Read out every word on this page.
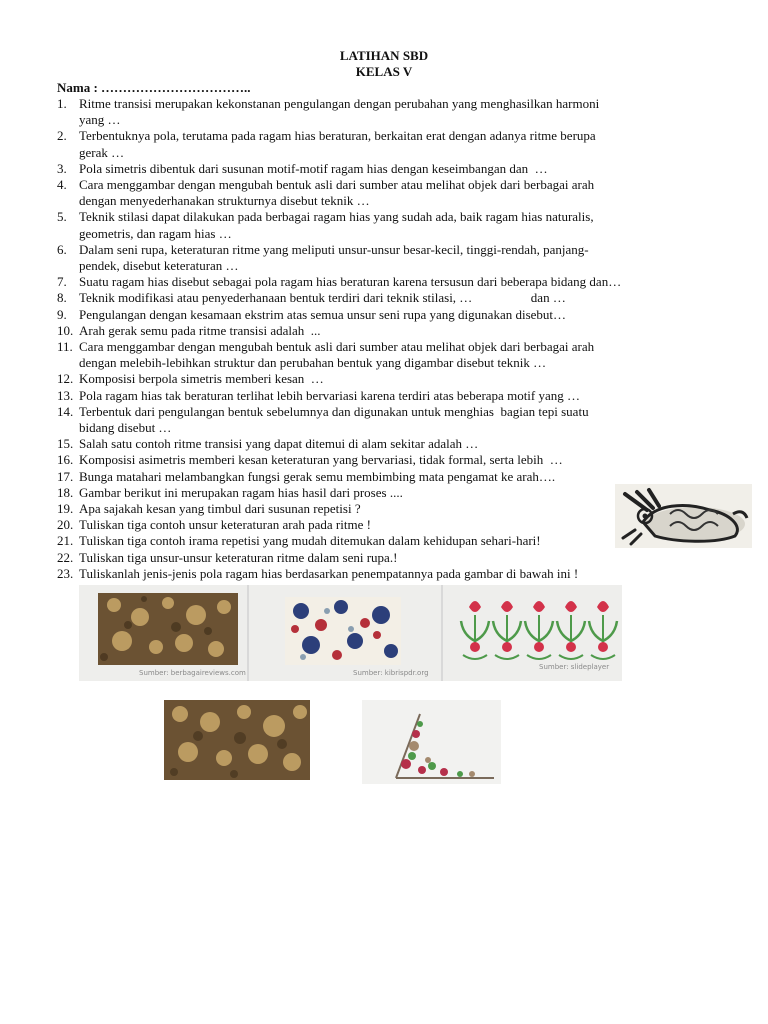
LATIHAN SBD
KELAS V
Nama : ……………………………..
1. Ritme transisi merupakan kekonstanan pengulangan dengan perubahan yang menghasilkan harmoni
yang …
2. Terbentuknya pola, terutama pada ragam hias beraturan, berkaitan erat dengan adanya ritme berupa
gerak …
3. Pola simetris dibentuk dari susunan motif-motif ragam hias dengan keseimbangan dan  …
4. Cara menggambar dengan mengubah bentuk asli dari sumber atau melihat objek dari berbagai arah
dengan menyederhanakan strukturnya disebut teknik …
5. Teknik stilasi dapat dilakukan pada berbagai ragam hias yang sudah ada, baik ragam hias naturalis,
geometris, dan ragam hias …
6. Dalam seni rupa, keteraturan ritme yang meliputi unsur-unsur besar-kecil, tinggi-rendah, panjang-
pendek, disebut keteraturan …
7. Suatu ragam hias disebut sebagai pola ragam hias beraturan karena tersusun dari beberapa bidang dan…
8. Teknik modifikasi atau penyederhanaan bentuk terdiri dari teknik stilasi, …                  dan …
9. Pengulangan dengan kesamaan ekstrim atas semua unsur seni rupa yang digunakan disebut…
10. Arah gerak semu pada ritme transisi adalah  ...
11. Cara menggambar dengan mengubah bentuk asli dari sumber atau melihat objek dari berbagai arah
dengan melebih-lebihkan struktur dan perubahan bentuk yang digambar disebut teknik …
12. Komposisi berpola simetris memberi kesan  …
13. Pola ragam hias tak beraturan terlihat lebih bervariasi karena terdiri atas beberapa motif yang …
14. Terbentuk dari pengulangan bentuk sebelumnya dan digunakan untuk menghias  bagian tepi suatu
bidang disebut …
15. Salah satu contoh ritme transisi yang dapat ditemui di alam sekitar adalah …
16. Komposisi asimetris memberi kesan keteraturan yang bervariasi, tidak formal, serta lebih  …
17. Bunga matahari melambangkan fungsi gerak semu membimbing mata pengamat ke arah….
18. Gambar berikut ini merupakan ragam hias hasil dari proses ....
19. Apa sajakah kesan yang timbul dari susunan repetisi ?
20. Tuliskan tiga contoh unsur keteraturan arah pada ritme !
21. Tuliskan tiga contoh irama repetisi yang mudah ditemukan dalam kehidupan sehari-hari!
22. Tuliskan tiga unsur-unsur keteraturan ritme dalam seni rupa.!
23. Tuliskanlah jenis-jenis pola ragam hias berdasarkan penempatannya pada gambar di bawah ini !
Sumber: berbagaireviews.com	Sumber: kibrispdr.org
Sumber: slideplayer
